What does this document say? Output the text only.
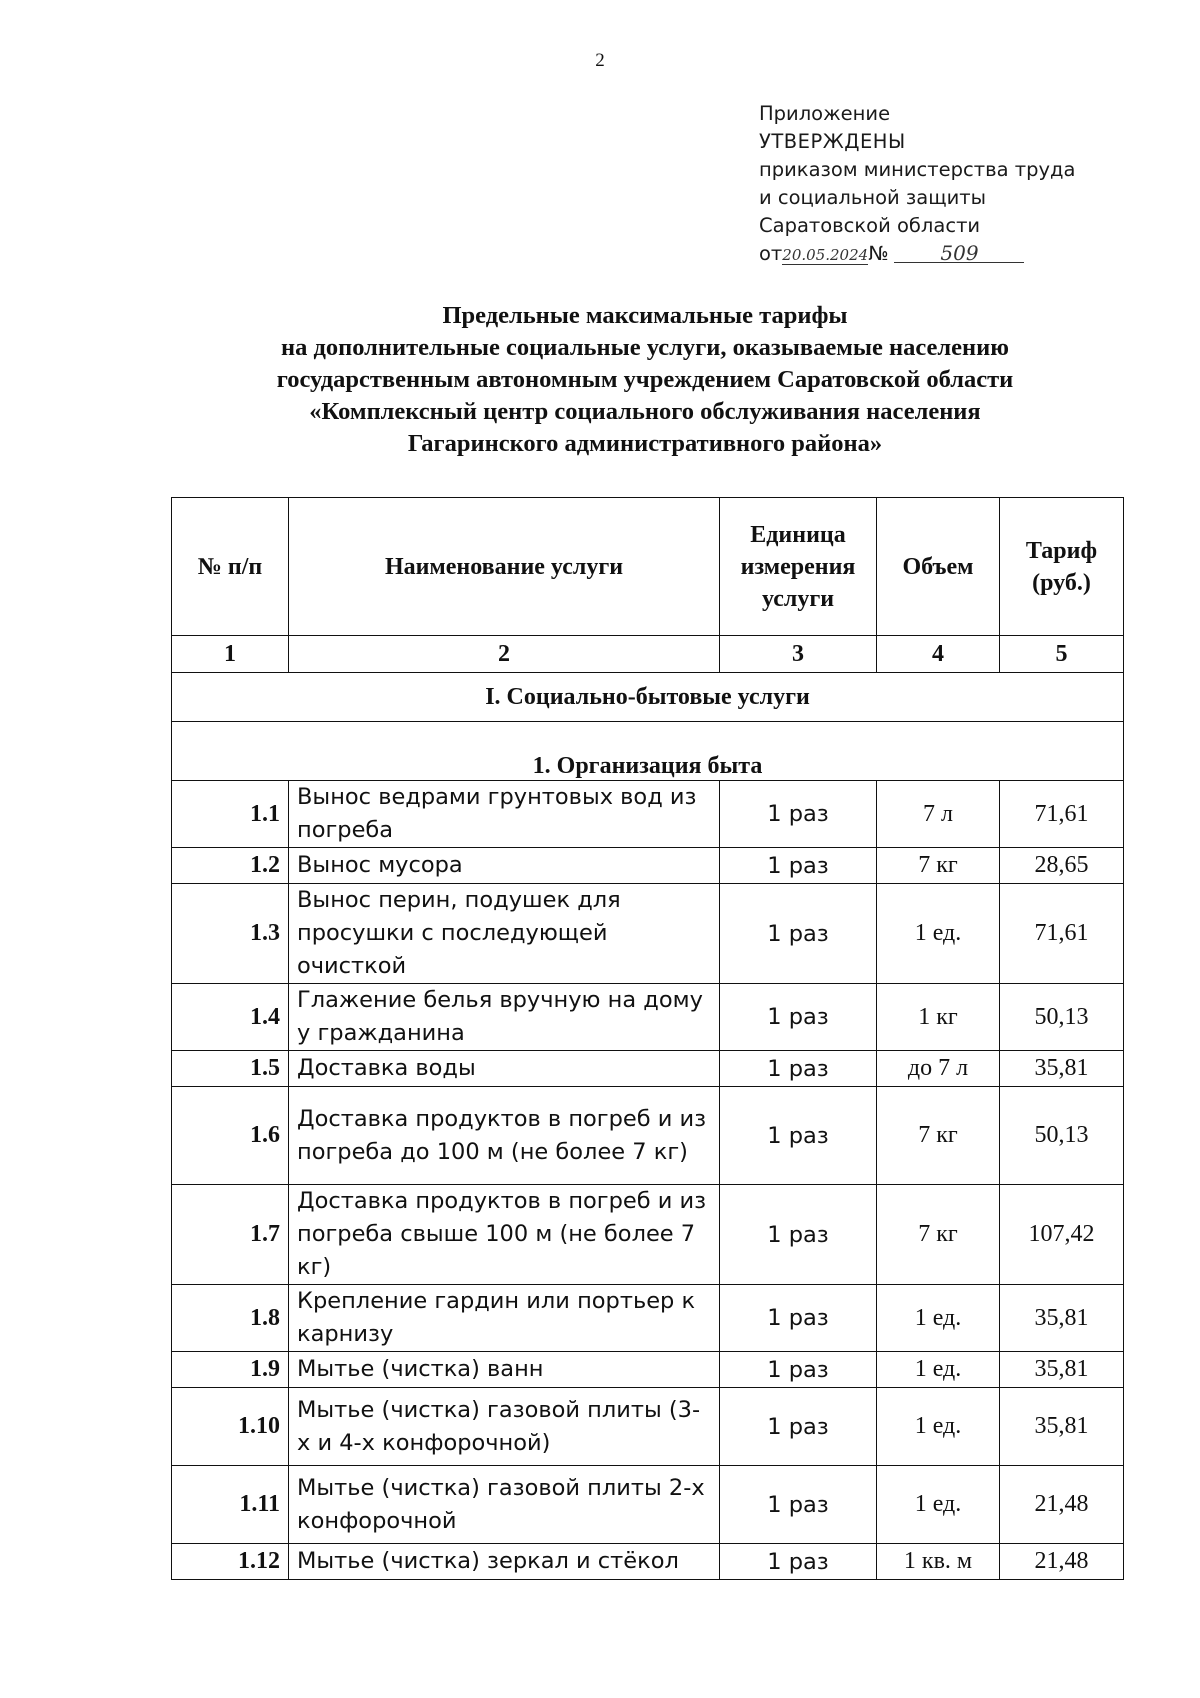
2
Приложение
УТВЕРЖДЕНЫ
приказом министерства труда
и социальной защиты
Саратовской области
от20.05.2024№	509
Предельные максимальные тарифы
на дополнительные социальные услуги, оказываемые населению
государственным автономным учреждением Саратовской области
«Комплексный центр социального обслуживания населения
Гагаринского административного района»
№ п/п	Наименование услуги	Единица измерения услуги	Объем	Тариф (руб.)
1	2	3	4	5
I. Социально-бытовые услуги				
1. Организация быта				
1.1	Вынос ведрами грунтовых вод из погреба	1 раз	7 л	71,61
1.2	Вынос мусора	1 раз	7 кг	28,65
1.3	Вынос перин, подушек для просушки с последующей очисткой	1 раз	1 ед.	71,61
1.4	Глажение белья вручную на дому у гражданина	1 раз	1 кг	50,13
1.5	Доставка воды	1 раз	до 7 л	35,81
1.6	Доставка продуктов в погреб и из погреба до 100 м (не более 7 кг)	1 раз	7 кг	50,13
1.7	Доставка продуктов в погреб и из погреба свыше 100 м (не более 7 кг)	1 раз	7 кг	107,42
1.8	Крепление гардин или портьер к карнизу	1 раз	1 ед.	35,81
1.9	Мытье (чистка) ванн	1 раз	1 ед.	35,81
1.10	Мытье (чистка) газовой плиты (3-х и 4-х конфорочной)	1 раз	1 ед.	35,81
1.11	Мытье (чистка) газовой плиты 2-х конфорочной	1 раз	1 ед.	21,48
1.12	Мытье (чистка) зеркал и стёкол	1 раз	1 кв. м	21,48
